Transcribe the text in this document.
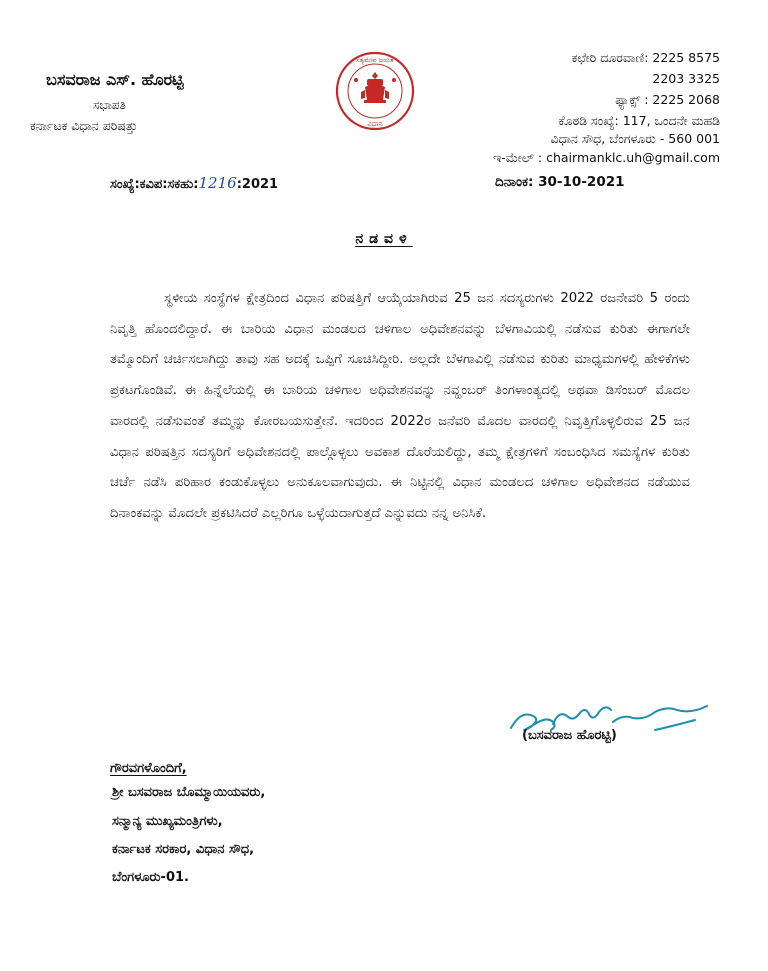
ಬಸವರಾಜ ಎಸ್. ಹೊರಟ್ಟಿ
ಸಭಾಪತಿ
ಕರ್ನಾಟಕ ವಿಧಾನ ಪರಿಷತ್ತು
ಸತ್ಯಮೇವ ಜಯತೆ
ವಿಧಾನ
ಕಛೇರಿ ದೂರವಾಣಿ: 2225 8575
2203 3325
ಫ್ಯಾಕ್ಸ್ : 2225 2068
ಕೊಠಡಿ ಸಂಖ್ಯೆ: 117, ಒಂದನೇ ಮಹಡಿ
ವಿಧಾನ ಸೌಧ, ಬೆಂಗಳೂರು - 560 001
ಇ-ಮೇಲ್ : chairmanklc.uh@gmail.com
ಸಂಖ್ಯೆ:ಕವಿಪ:ಸಕಹು:1216:2021	ದಿನಾಂಕ: 30-10-2021
ನಡವಳಿ
ಸ್ಥಳೀಯ ಸಂಸ್ಥೆಗಳ ಕ್ಷೇತ್ರದಿಂದ ವಿಧಾನ ಪರಿಷತ್ತಿಗೆ ಆಯ್ಕೆಯಾಗಿರುವ 25 ಜನ ಸದಸ್ಯರುಗಳು 2022 ರಜನೇವರಿ 5 ರಂದು ನಿವೃತ್ತಿ ಹೊಂದಲಿದ್ದಾರೆ. ಈ ಬಾರಿಯ ವಿಧಾನ ಮಂಡಲದ ಚಳಿಗಾಲ ಅಧಿವೇಶನವನ್ನು ಬೆಳಗಾವಿಯಲ್ಲಿ ನಡೆಸುವ ಕುರಿತು ಈಗಾಗಲೇ ತಮ್ಮೊಂದಿಗೆ ಚರ್ಚಿಸಲಾಗಿದ್ದು ತಾವು ಸಹ ಅದಕ್ಕೆ ಒಪ್ಪಿಗೆ ಸೂಚಿಸಿದ್ದೀರಿ. ಅಲ್ಲದೇ ಬೆಳಗಾವಿಲ್ಲಿ ನಡೆಸುವ ಕುರಿತು ಮಾಧ್ಯಮಗಳಲ್ಲಿ ಹೇಳಿಕೆಗಳು ಪ್ರಕಟಗೊಂಡಿವೆ. ಈ ಹಿನ್ನೆಲೆಯಲ್ಲಿ ಈ ಬಾರಿಯ ಚಳಿಗಾಲ ಅಧಿವೇಶನವನ್ನು ನವ್ಹಂಬರ್ ತಿಂಗಳಾಂತ್ಯದಲ್ಲಿ ಅಥವಾ ಡಿಸೆಂಬರ್ ಮೊದಲ ವಾರದಲ್ಲಿ ನಡೆಸುವಂತೆ ತಮ್ಮನ್ನು ಕೋರಬಯಸುತ್ತೇನೆ. ಇದರಿಂದ 2022ರ ಜನೆವರಿ ಮೊದಲ ವಾರದಲ್ಲಿ ನಿವೃತ್ತಿಗೊಳ್ಳಲಿರುವ 25 ಜನ ವಿಧಾನ ಪರಿಷತ್ತಿನ ಸದಸ್ಯರಿಗೆ ಅಧಿವೇಶನದಲ್ಲಿ ಪಾಲ್ಗೊಳ್ಳಲು ಅವಕಾಶ ದೊರೆಯಲಿದ್ದು, ತಮ್ಮ ಕ್ಷೇತ್ರಗಳಿಗೆ ಸಂಬಂಧಿಸಿದ ಸಮಸ್ಯೆಗಳ ಕುರಿತು ಚರ್ಚೆ ನಡೆಸಿ ಪರಿಹಾರ ಕಂಡುಕೊಳ್ಳಲು ಅನುಕೂಲವಾಗುವುದು. ಈ ನಿಟ್ಟಿನಲ್ಲಿ ವಿಧಾನ ಮಂಡಲದ ಚಳಿಗಾಲ ಅಧಿವೇಶನದ ನಡೆಯುವ ದಿನಾಂಕವನ್ನು ಮೊದಲೇ ಪ್ರಕಟಿಸಿದರೆ ಎಲ್ಲರಿಗೂ ಒಳ್ಳೆಯದಾಗುತ್ತದೆ ಎನ್ನುವದು ನನ್ನ ಅನಿಸಿಕೆ.
(ಬಸವರಾಜ ಹೊರಟ್ಟಿ)
ಗೌರವಗಳೊಂದಿಗೆ,
ಶ್ರೀ ಬಸವರಾಜ ಬೊಮ್ಮಾಯಿಯವರು,
ಸನ್ಮಾನ್ಯ ಮುಖ್ಯಮಂತ್ರಿಗಳು,
ಕರ್ನಾಟಕ ಸರಕಾರ, ವಿಧಾನ ಸೌಧ,
ಬೆಂಗಳೂರು-01.
